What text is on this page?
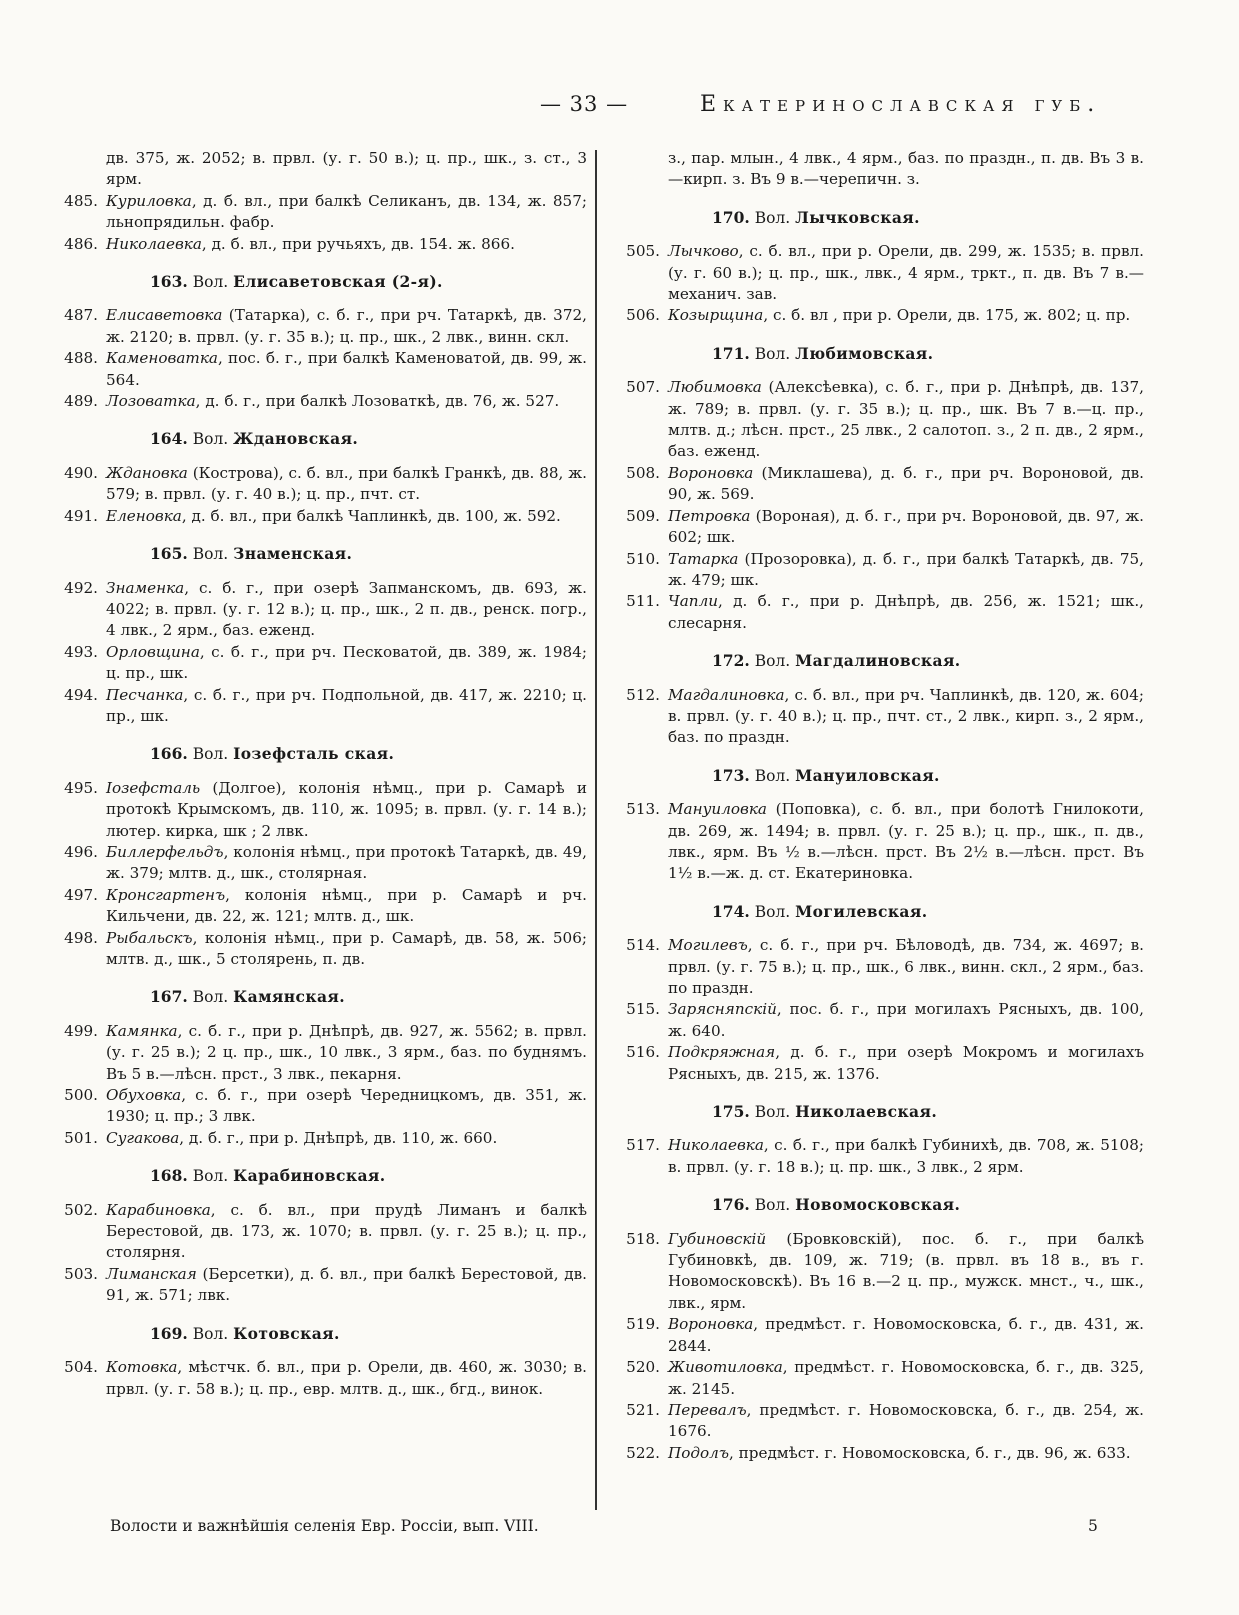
— 33 —	Екатеринославская губ.

дв. 375, ж. 2052; в. првл. (у. г. 50 в.); ц. пр., шк., з. ст., 3 ярм.

485. Куриловка, д. б. вл., при балкѣ Селиканъ, дв. 134, ж. 857; льнопрядильн. фабр.

486. Николаевка, д. б. вл., при ручьяхъ, дв. 154. ж. 866.

163. Вол. Елисаветовская (2-я).

487. Елисаветовка (Татарка), с. б. г., при рч. Татаркѣ, дв. 372, ж. 2120; в. првл. (у. г. 35 в.); ц. пр., шк., 2 лвк., винн. скл.

488. Каменоватка, пос. б. г., при балкѣ Каменоватой, дв. 99, ж. 564.

489. Лозоватка, д. б. г., при балкѣ Лозоваткѣ, дв. 76, ж. 527.

164. Вол. Ждановская.

490. Ждановка (Кострова), с. б. вл., при балкѣ Гранкѣ, дв. 88, ж. 579; в. првл. (у. г. 40 в.); ц. пр., пчт. ст.

491. Еленовка, д. б. вл., при балкѣ Чаплинкѣ, дв. 100, ж. 592.

165. Вол. Знаменская.

492. Знаменка, с. б. г., при озерѣ Запманскомъ, дв. 693, ж. 4022; в. првл. (у. г. 12 в.); ц. пр., шк., 2 п. дв., ренск. погр., 4 лвк., 2 ярм., баз. еженд.

493. Орловщина, с. б. г., при рч. Песковатой, дв. 389, ж. 1984; ц. пр., шк.

494. Песчанка, с. б. г., при рч. Подпольной, дв. 417, ж. 2210; ц. пр., шк.

166. Вол. Іозефсталь ская.

495. Іозефсталь (Долгое), колонія нѣмц., при р. Самарѣ и протокѣ Крымскомъ, дв. 110, ж. 1095; в. првл. (у. г. 14 в.); лютер. кирка, шк ; 2 лвк.

496. Биллерфельдъ, колонія нѣмц., при протокѣ Татаркѣ, дв. 49, ж. 379; млтв. д., шк., столярная.

497. Кронсгартенъ, колонія нѣмц., при р. Самарѣ и рч. Кильчени, дв. 22, ж. 121; млтв. д., шк.

498. Рыбальскъ, колонія нѣмц., при р. Самарѣ, дв. 58, ж. 506; млтв. д., шк., 5 столярень, п. дв.

167. Вол. Камянская.

499. Камянка, с. б. г., при р. Днѣпрѣ, дв. 927, ж. 5562; в. првл. (у. г. 25 в.); 2 ц. пр., шк., 10 лвк., 3 ярм., баз. по буднямъ. Въ 5 в.—лѣсн. прст., 3 лвк., пекарня.

500. Обуховка, с. б. г., при озерѣ Чередницкомъ, дв. 351, ж. 1930; ц. пр.; 3 лвк.

501. Сугакова, д. б. г., при р. Днѣпрѣ, дв. 110, ж. 660.

168. Вол. Карабиновская.

502. Карабиновка, с. б. вл., при прудѣ Лиманъ и балкѣ Берестовой, дв. 173, ж. 1070; в. првл. (у. г. 25 в.); ц. пр., столярня.

503. Лиманская (Берсетки), д. б. вл., при балкѣ Берестовой, дв. 91, ж. 571; лвк.

169. Вол. Котовская.

504. Котовка, мѣстчк. б. вл., при р. Орели, дв. 460, ж. 3030; в. првл. (у. г. 58 в.); ц. пр., евр. млтв. д., шк., бгд., винок.

з., пар. млын., 4 лвк., 4 ярм., баз. по праздн., п. дв. Въ 3 в.—кирп. з. Въ 9 в.—черепичн. з.

170. Вол. Лычковская.

505. Лычково, с. б. вл., при р. Орели, дв. 299, ж. 1535; в. првл. (у. г. 60 в.); ц. пр., шк., лвк., 4 ярм., тркт., п. дв. Въ 7 в.—механич. зав.

506. Козырщина, с. б. вл , при р. Орели, дв. 175, ж. 802; ц. пр.

171. Вол. Любимовская.

507. Любимовка (Алексѣевка), с. б. г., при р. Днѣпрѣ, дв. 137, ж. 789; в. првл. (у. г. 35 в.); ц. пр., шк. Въ 7 в.—ц. пр., млтв. д.; лѣсн. прст., 25 лвк., 2 салотоп. з., 2 п. дв., 2 ярм., баз. еженд.

508. Вороновка (Миклашева), д. б. г., при рч. Вороновой, дв. 90, ж. 569.

509. Петровка (Вороная), д. б. г., при рч. Вороновой, дв. 97, ж. 602; шк.

510. Татарка (Прозоровка), д. б. г., при балкѣ Татаркѣ, дв. 75, ж. 479; шк.

511. Чапли, д. б. г., при р. Днѣпрѣ, дв. 256, ж. 1521; шк., слесарня.

172. Вол. Магдалиновская.

512. Магдалиновка, с. б. вл., при рч. Чаплинкѣ, дв. 120, ж. 604; в. првл. (у. г. 40 в.); ц. пр., пчт. ст., 2 лвк., кирп. з., 2 ярм., баз. по праздн.

173. Вол. Мануиловская.

513. Мануиловка (Поповка), с. б. вл., при болотѣ Гнилокоти, дв. 269, ж. 1494; в. првл. (у. г. 25 в.); ц. пр., шк., п. дв., лвк., ярм. Въ ½ в.—лѣсн. прст. Въ 2½ в.—лѣсн. прст. Въ 1½ в.—ж. д. ст. Екатериновка.

174. Вол. Могилевская.

514. Могилевъ, с. б. г., при рч. Бѣловодѣ, дв. 734, ж. 4697; в. првл. (у. г. 75 в.); ц. пр., шк., 6 лвк., винн. скл., 2 ярм., баз. по праздн.

515. Зарясняпскій, пос. б. г., при могилахъ Рясныхъ, дв. 100, ж. 640.

516. Подкряжная, д. б. г., при озерѣ Мокромъ и могилахъ Рясныхъ, дв. 215, ж. 1376.

175. Вол. Николаевская.

517. Николаевка, с. б. г., при балкѣ Губинихѣ, дв. 708, ж. 5108; в. првл. (у. г. 18 в.); ц. пр. шк., 3 лвк., 2 ярм.

176. Вол. Новомосковская.

518. Губиновскій (Бровковскій), пос. б. г., при балкѣ Губиновкѣ, дв. 109, ж. 719; (в. првл. въ 18 в., въ г. Новомосковскѣ). Въ 16 в.—2 ц. пр., мужск. мнст., ч., шк., лвк., ярм.

519. Вороновка, предмѣст. г. Новомосковска, б. г., дв. 431, ж. 2844.

520. Животиловка, предмѣст. г. Новомосковска, б. г., дв. 325, ж. 2145.

521. Перевалъ, предмѣст. г. Новомосковска, б. г., дв. 254, ж. 1676.

522. Подолъ, предмѣст. г. Новомосковска, б. г., дв. 96, ж. 633.

Волости и важнѣйшія селенія Евр. Россіи, вып. VIII.	5
